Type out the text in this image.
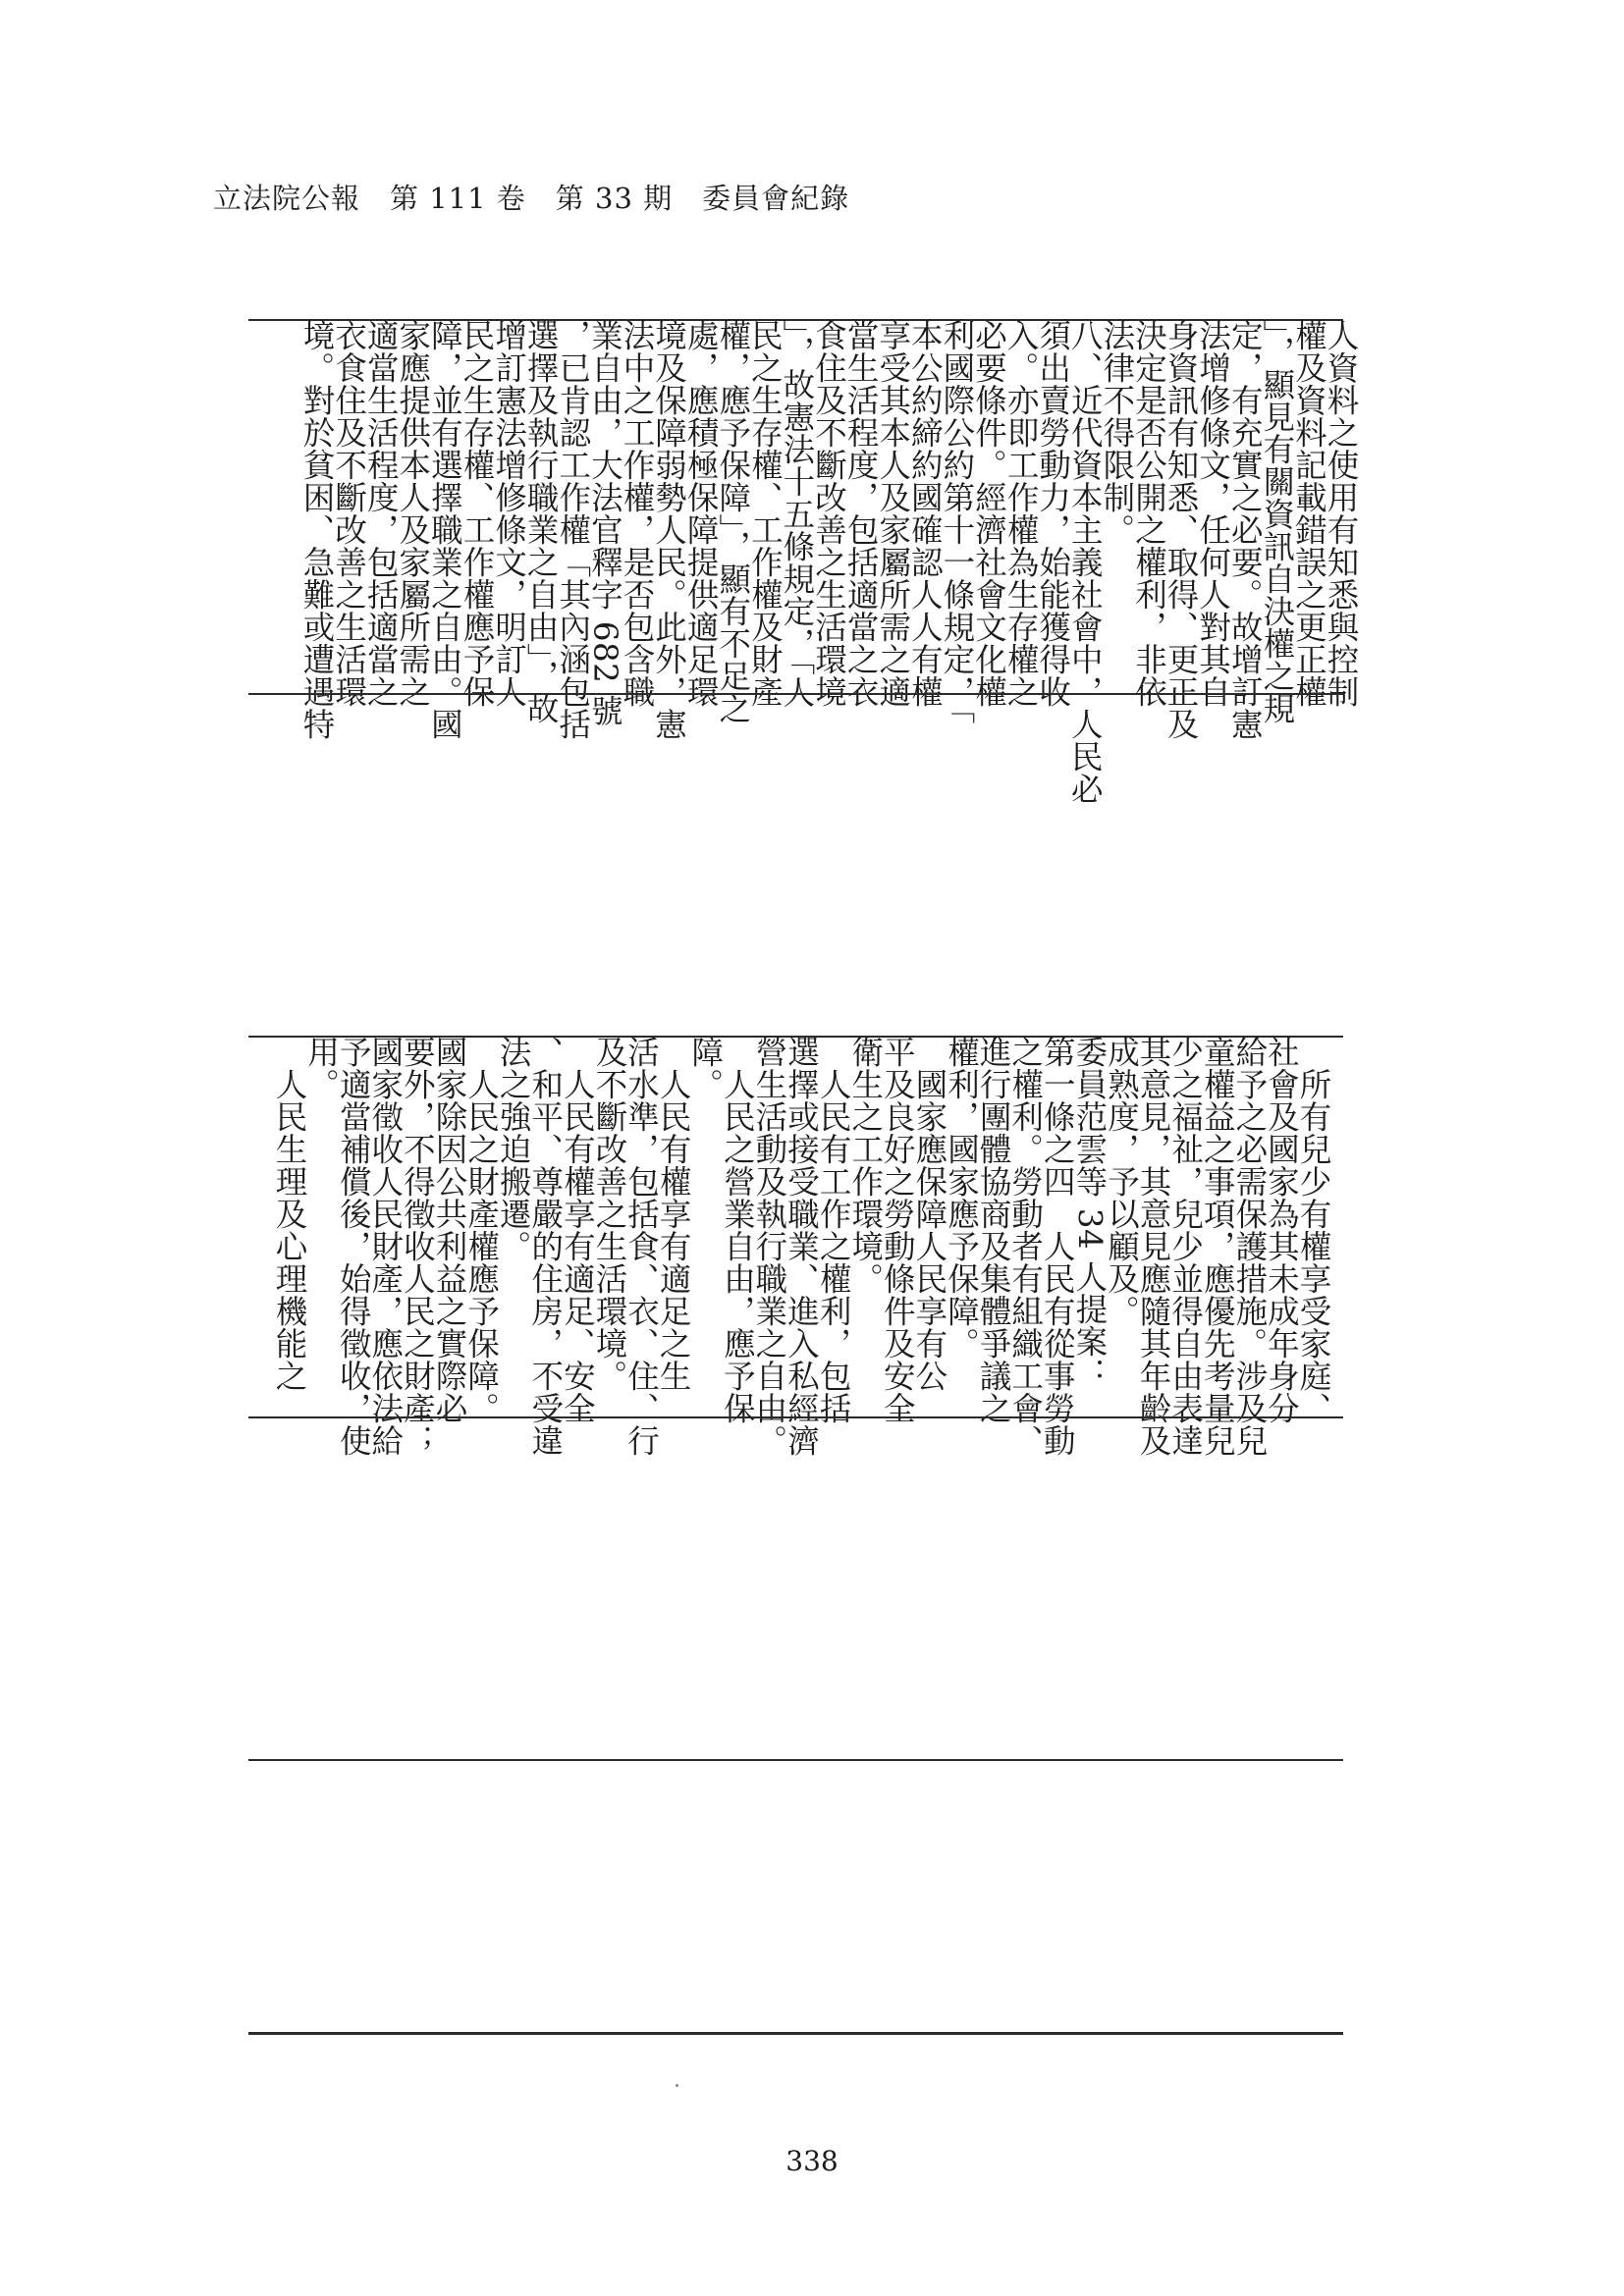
立法院公報　第 111 卷　第 33 期　委員會紀錄
人資料之使用有知悉與控制
權及資料記載錯誤之更正權
」，顯見有關資訊自決權之規
定，有充實之必要。故增訂憲
法增修條文，任何人對其自
身資訊有知悉、取得、更正及
決定是否公開之權利，非依
法律不得限制。
八、近代資本主義社會中，人民必
須出賣勞動力，始能獲得收
入。亦即工作權為生存權之
必要條件。經濟社會文化權
利國際公約第十一條規定，「
本公約締約國確認人人有權
享受其本人及家屬所需之適
當生活程度，包括適當之衣
食住及不斷改善之生活環境
」，故憲法十五條規定，「人
民之生存權、工作權及財產
權，應予保障」，顯有不足之
處，應積極保障提供適足環
境及保障弱勢人民。此外，憲
法中之工作權，是否包含職
業自由，大法官釋字 682 號
，已肯認工作權「其內涵包括
選擇及執行職業之自由」，故
增訂憲法增修條文，明訂人
民之生存權、工作權應予保
障，並有選擇職業之自由。國
家應提供本人及家屬所需之
適當生活程度，包括適當之
衣食住及不斷改善之生活環
境。對於貧困、急難或遭遇特
　所有兒少有權享受家庭、
社會及國家為其未成年身分
給予之必需保護措施。涉及兒
童權益之事項，應優先考量兒
少之福祉，兒少並得自由表達
其意見，其意見應隨其年齡及
成熟度，予以顧及。
委員范雲等 34 人提案：
第一條之四　人民有從事勞動
之權利。勞動者有組織工會、
進行團體協商及集體爭議之
權利，國家應予保障。
　國家應保障人民享有公
平及良好之勞動條件及安全
衛生之工作環境。
　人民有工作之權利，包括
選擇或接受職業、進入私經濟
營生活動及執行職業之自由。
　人民之營業自由，應予保
障。
　人民有權享有適足之生
活水準，包括食、衣、住、行
及不斷改善之生活環境。
　人民有權享有適足、安全
、和平、尊嚴的住房，不受違
法之強迫搬遷。
　人民之財產權應予保障。
國家除因公共利益之實際必
要外，不得徵收人民之財產；
國家徵收人民財產，應依法給
予適當補償後，始得徵收，使
用。
　人民生理及心理機能之
338
